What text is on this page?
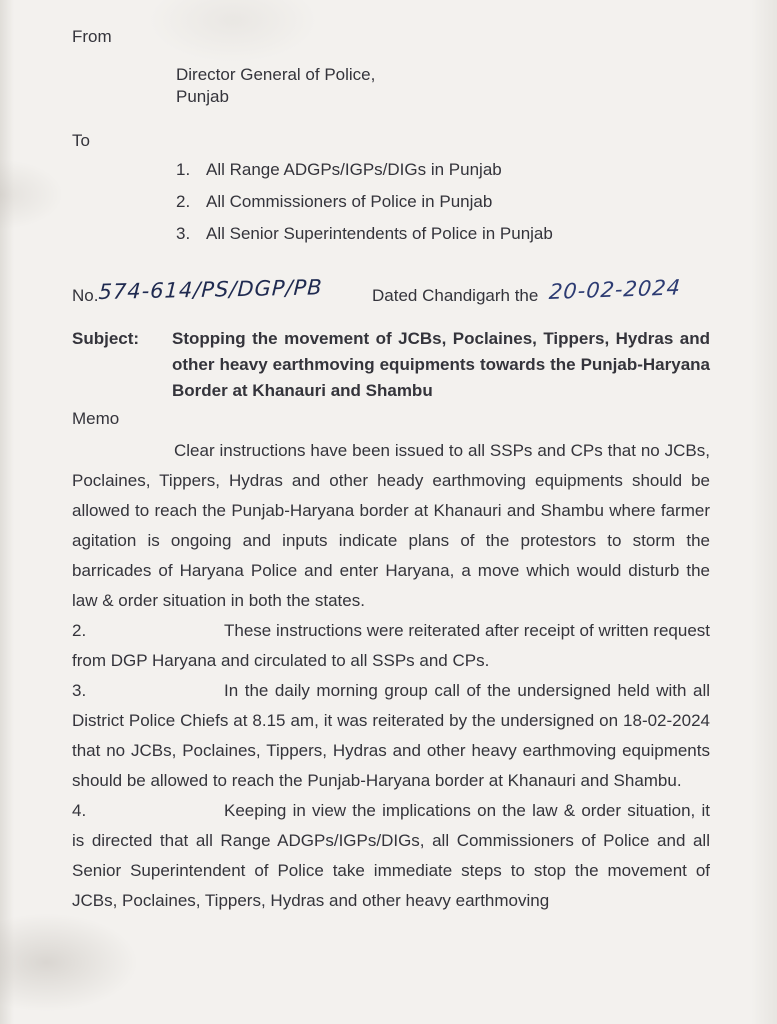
From
Director General of Police,
Punjab
To
1. All Range ADGPs/IGPs/DIGs in Punjab
2. All Commissioners of Police in Punjab
3. All Senior Superintendents of Police in Punjab
No.574-614/PS/DGP/PB	Dated Chandigarh the 20-02-2024
Subject:	Stopping the movement of JCBs, Poclaines, Tippers, Hydras and other heavy earthmoving equipments towards the Punjab-Haryana Border at Khanauri and Shambu
Memo

Clear instructions have been issued to all SSPs and CPs that no JCBs, Poclaines, Tippers, Hydras and other heady earthmoving equipments should be allowed to reach the Punjab-Haryana border at Khanauri and Shambu where farmer agitation is ongoing and inputs indicate plans of the protestors to storm the barricades of Haryana Police and enter Haryana, a move which would disturb the law & order situation in both the states.

2.	These instructions were reiterated after receipt of written request from DGP Haryana and circulated to all SSPs and CPs.

3.	In the daily morning group call of the undersigned held with all District Police Chiefs at 8.15 am, it was reiterated by the undersigned on 18-02-2024 that no JCBs, Poclaines, Tippers, Hydras and other heavy earthmoving equipments should be allowed to reach the Punjab-Haryana border at Khanauri and Shambu.

4.	Keeping in view the implications on the law & order situation, it is directed that all Range ADGPs/IGPs/DIGs, all Commissioners of Police and all Senior Superintendent of Police take immediate steps to stop the movement of JCBs, Poclaines, Tippers, Hydras and other heavy earthmoving
